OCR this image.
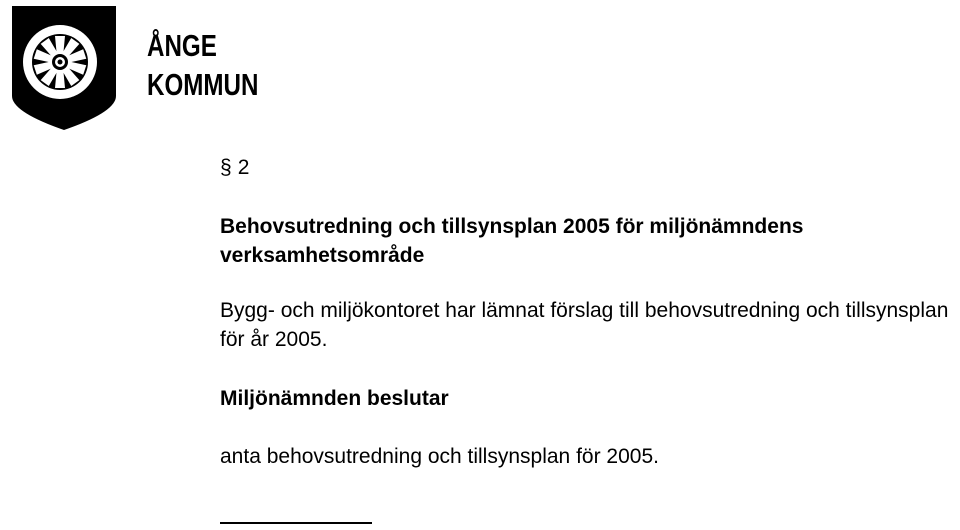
ÅNGE
KOMMUN
§ 2
Behovsutredning och tillsynsplan 2005 för miljönämndens verksamhetsområde
Bygg- och miljökontoret har lämnat förslag till behovsutredning och tillsynsplan för år 2005.
Miljönämnden beslutar
anta behovsutredning och tillsynsplan för 2005.
